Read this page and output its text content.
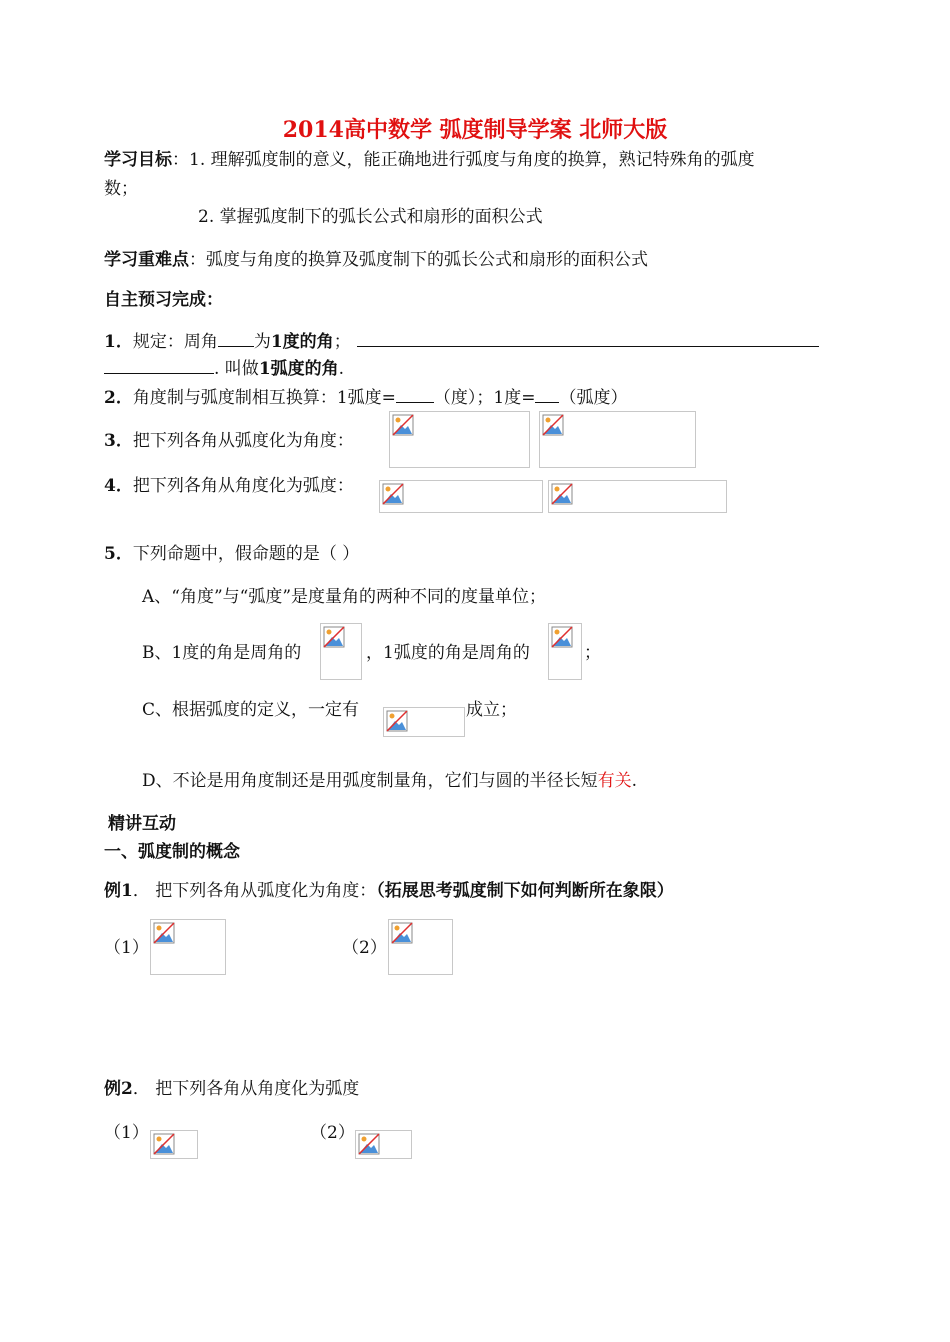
2014高中数学 弧度制导学案 北师大版
学习目标：1. 理解弧度制的意义，能正确地进行弧度与角度的换算，熟记特殊角的弧度
数；
2. 掌握弧度制下的弧长公式和扇形的面积公式
学习重难点：弧度与角度的换算及弧度制下的弧长公式和扇形的面积公式
自主预习完成：
1．规定：周角 为1度的角；
. 叫做1弧度的角.
2．角度制与弧度制相互换算：1弧度= （度）；1度= （弧度）
3．把下列各角从弧度化为角度：
4．把下列各角从角度化为弧度：
5．下列命题中，假命题的是（ ）
A、“角度”与“弧度”是度量角的两种不同的度量单位；
B、1度的角是周角的	，1弧度的角是周角的	；
C、根据弧度的定义，一定有	成立；
D、不论是用角度制还是用弧度制量角，它们与圆的半径长短有关.
精讲互动
一、弧度制的概念
例1． 把下列各角从弧度化为角度：（拓展思考弧度制下如何判断所在象限）
（1）	（2）
例2． 把下列各角从角度化为弧度
（1）	（2）
